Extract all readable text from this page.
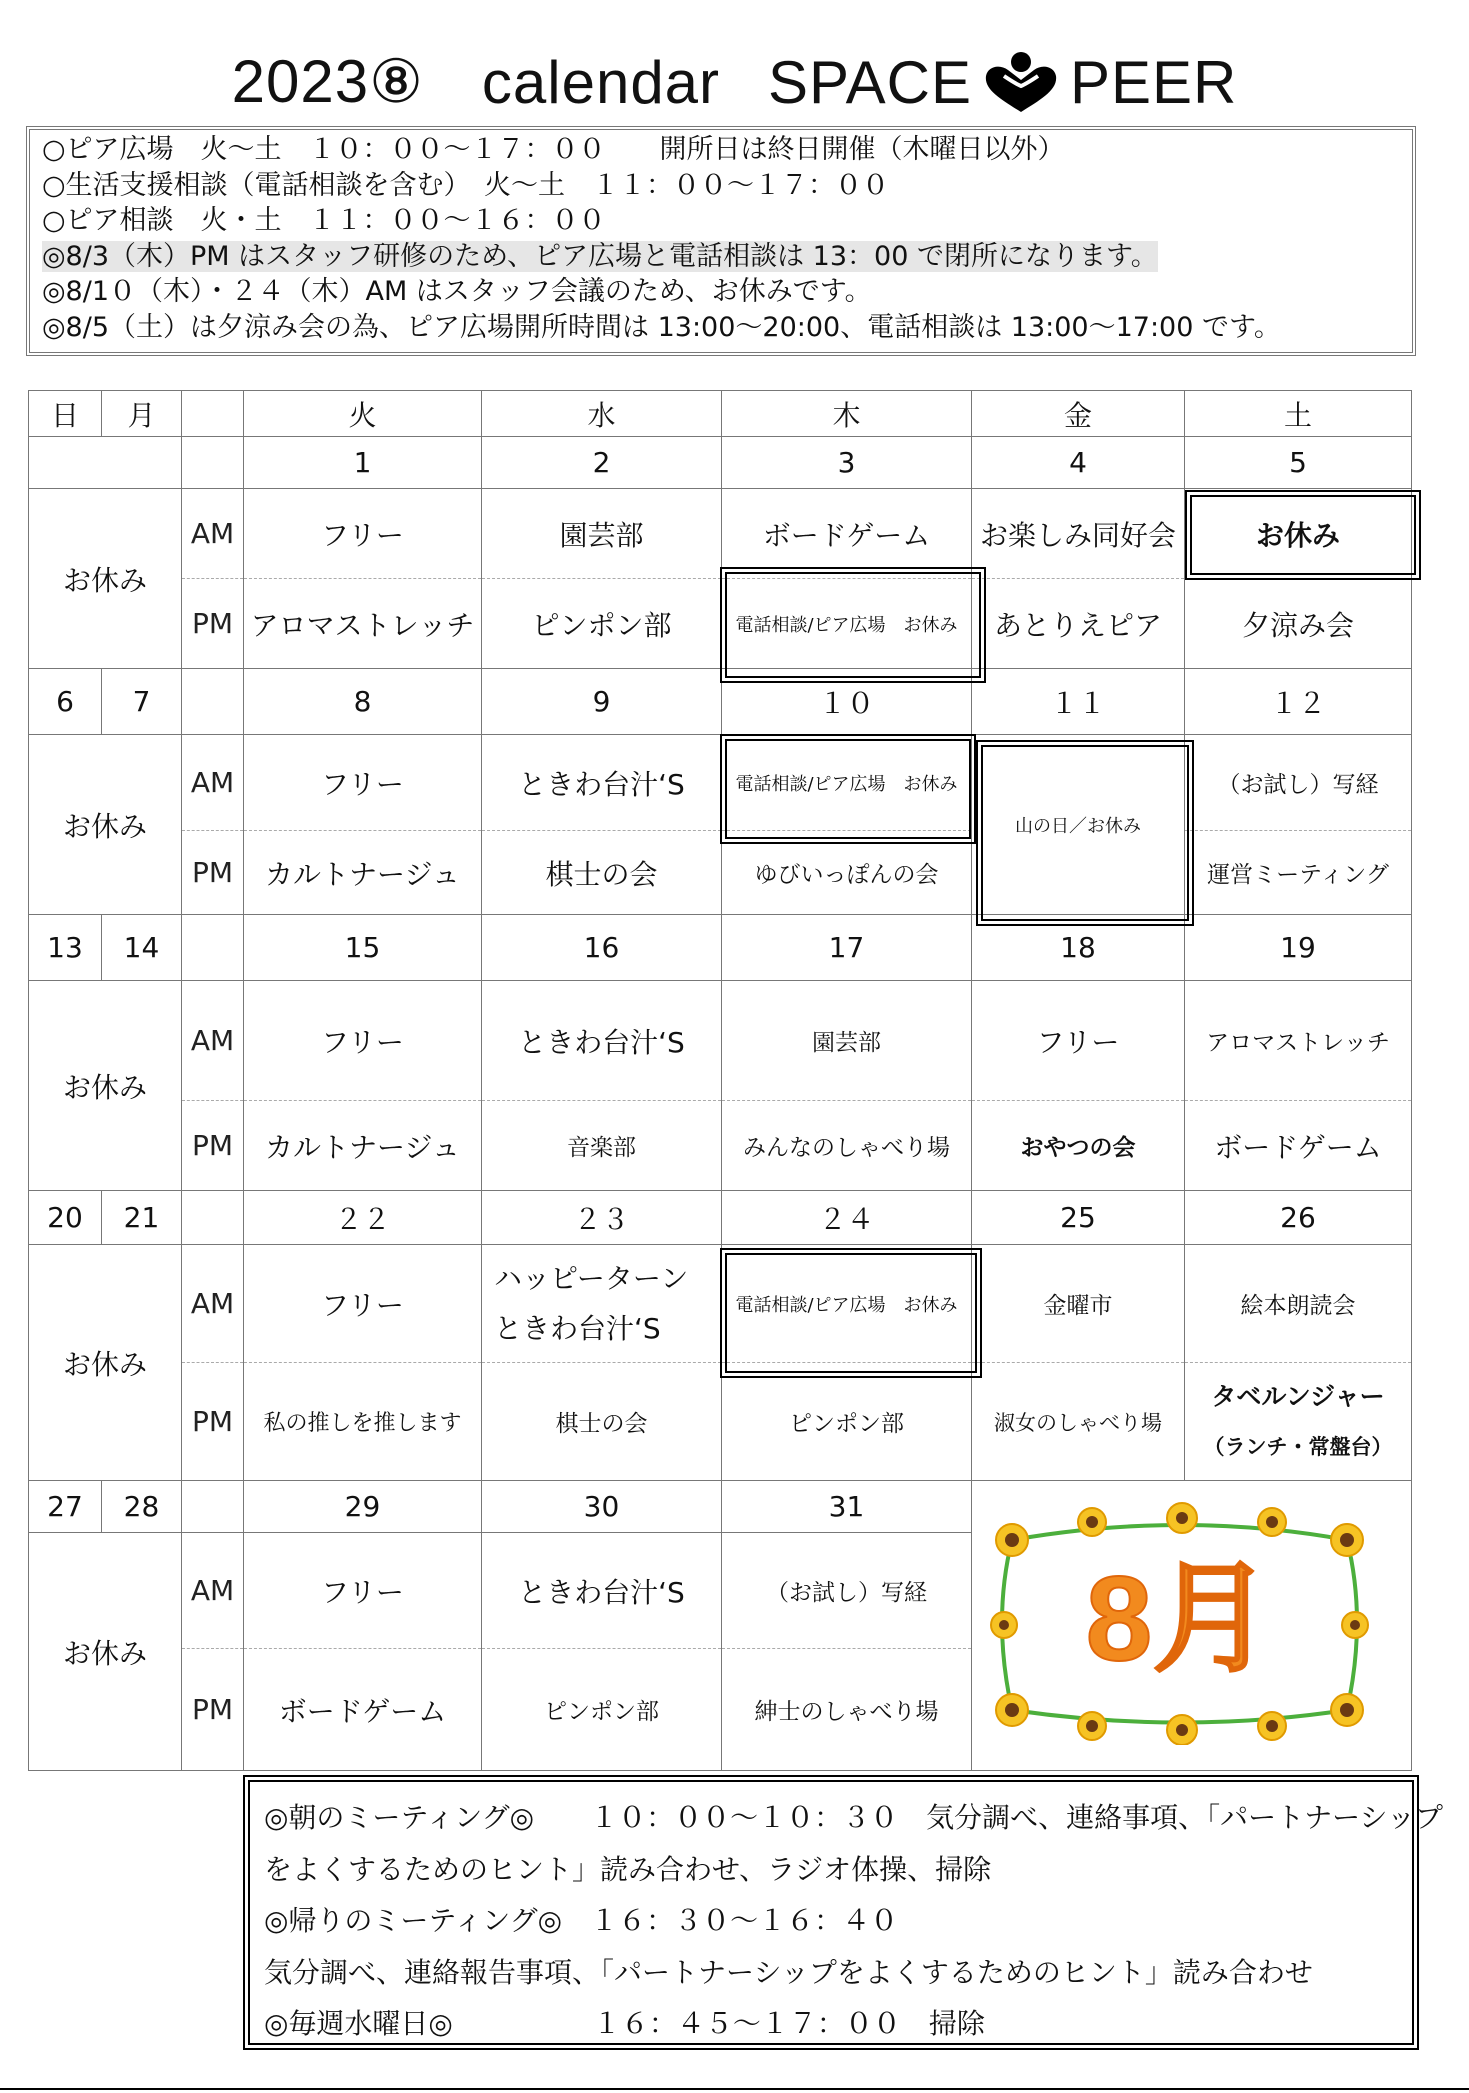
2023⑧ calendar SPACE PEER
○ピア広場　火～土　１０：００～１７：００　　開所日は終日開催（木曜日以外）
○生活支援相談（電話相談を含む）　火～土　１１：００～１７：００
○ピア相談　火・土　１１：００～１６：００
◎8/3（木）PM はスタッフ研修のため、ピア広場と電話相談は 13：00 で閉所になります。
◎8/1０（木）・２４（木）AM はスタッフ会議のため、お休みです。
◎8/5（土）は夕涼み会の為、ピア広場開所時間は 13:00～20:00、電話相談は 13:00～17:00 です。
日	月		火	水	木	金	土
			1	2	3	4	5
お休み		AM	フリー	園芸部	ボードゲーム	お楽しみ同好会	お休み
		PM	アロマストレッチ	ピンポン部	電話相談/ピア広場　お休み	あとりえピア	夕涼み会
6	7		8	9	１０	１１	１２
お休み		AM	フリー	ときわ台汁‘S	電話相談/ピア広場　お休み	山の日／お休み	（お試し）写経
		PM	カルトナージュ	棋士の会	ゆびいっぽんの会		運営ミーティング
13	14		15	16	17	18	19
お休み		AM	フリー	ときわ台汁‘S	園芸部	フリー	アロマストレッチ
		PM	カルトナージュ	音楽部	みんなのしゃべり場	おやつの会	ボードゲーム
20	21		２２	２３	２４	25	26
お休み		AM	フリー	ハッピーターン
ときわ台汁‘S	電話相談/ピア広場　お休み	金曜市	絵本朗読会
		PM	私の推しを推します	棋士の会	ピンポン部	淑女のしゃべり場	タベルンジャー
（ランチ・常盤台）

27	28		29	30	31		
お休み		AM	フリー	ときわ台汁‘S	（お試し）写経		
		PM	ボードゲーム	ピンポン部	紳士のしゃべり場		
8月
◎朝のミーティング◎　　１０：００～１０：３０　気分調べ、連絡事項、「パートナーシップ
をよくするためのヒント」読み合わせ、ラジオ体操、掃除
◎帰りのミーティング◎　１６：３０～１６：４０
気分調べ、連絡報告事項、「パートナーシップをよくするためのヒント」読み合わせ
◎毎週水曜日◎　　　　　１６：４５～１７：００　掃除
